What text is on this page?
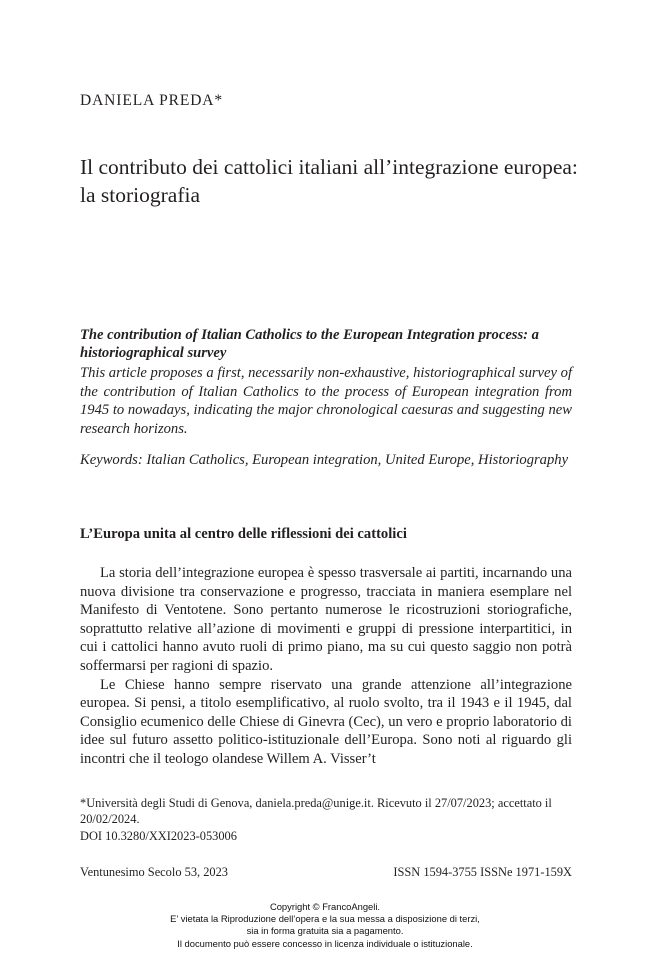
DANIELA PREDA*
Il contributo dei cattolici italiani all’integrazione europea: la storiografia
The contribution of Italian Catholics to the European Integration process: a historiographical survey
This article proposes a first, necessarily non-exhaustive, historiographical survey of the contribution of Italian Catholics to the process of European integration from 1945 to nowadays, indicating the major chronological caesuras and suggesting new research horizons.
Keywords: Italian Catholics, European integration, United Europe, Historiography
L’Europa unita al centro delle riflessioni dei cattolici

La storia dell’integrazione europea è spesso trasversale ai partiti, incarnando una nuova divisione tra conservazione e progresso, tracciata in maniera esemplare nel Manifesto di Ventotene. Sono pertanto numerose le ricostruzioni storiografiche, soprattutto relative all’azione di movimenti e gruppi di pressione interpartitici, in cui i cattolici hanno avuto ruoli di primo piano, ma su cui questo saggio non potrà soffermarsi per ragioni di spazio.

Le Chiese hanno sempre riservato una grande attenzione all’integrazione europea. Si pensi, a titolo esemplificativo, al ruolo svolto, tra il 1943 e il 1945, dal Consiglio ecumenico delle Chiese di Ginevra (Cec), un vero e proprio laboratorio di idee sul futuro assetto politico-istituzionale dell’Europa. Sono noti al riguardo gli incontri che il teologo olandese Willem A. Visser’t

*Università degli Studi di Genova, daniela.preda@unige.it. Ricevuto il 27/07/2023; accettato il 20/02/2024.
DOI 10.3280/XXI2023-053006
Ventunesimo Secolo 53, 2023	ISSN 1594-3755 ISSNe 1971-159X
Copyright © FrancoAngeli.
E’ vietata la Riproduzione dell’opera e la sua messa a disposizione di terzi,
sia in forma gratuita sia a pagamento.
Il documento può essere concesso in licenza individuale o istituzionale.
